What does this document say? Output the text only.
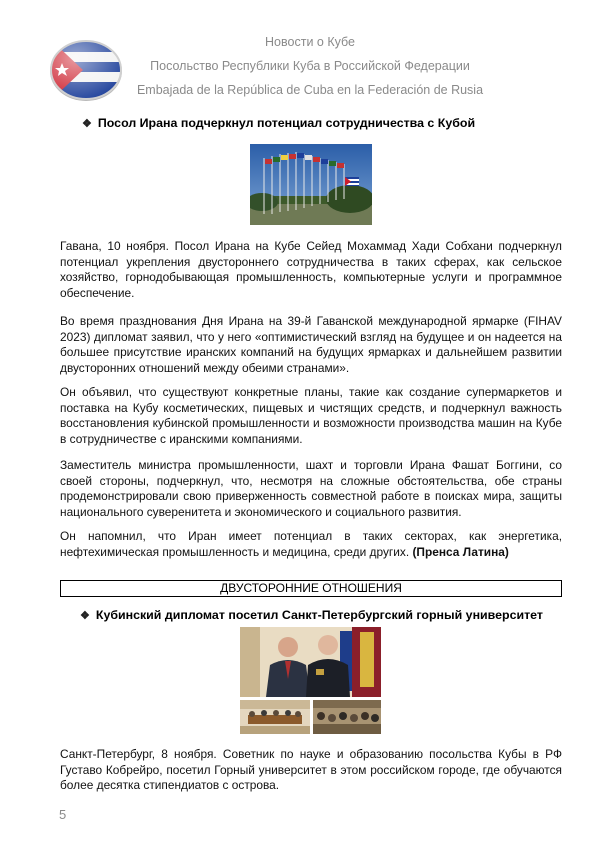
Новости о Кубе
Посольство Республики Куба в Российской Федерации
Embajada de la República de Cuba en la Federación de Rusia
❖ Посол Ирана подчеркнул потенциал сотрудничества с Кубой
Гавана, 10 ноября. Посол Ирана на Кубе Сейед Мохаммад Хади Собхани подчеркнул потенциал укрепления двустороннего сотрудничества в таких сферах, как сельское хозяйство, горнодобывающая промышленность, компьютерные услуги и программное обеспечение.
Во время празднования Дня Ирана на 39-й Гаванской международной ярмарке (FIHAV 2023) дипломат заявил, что у него «оптимистический взгляд на будущее и он надеется на большее присутствие иранских компаний на будущих ярмарках и дальнейшем развитии двусторонних отношений между обеими странами».
Он объявил, что существуют конкретные планы, такие как создание супермаркетов и поставка на Кубу косметических, пищевых и чистящих средств, и подчеркнул важность восстановления кубинской промышленности и возможности производства машин на Кубе в сотрудничестве с иранскими компаниями.
Заместитель министра промышленности, шахт и торговли Ирана Фашат Боггини, со своей стороны, подчеркнул, что, несмотря на сложные обстоятельства, обе страны продемонстрировали свою приверженность совместной работе в поисках мира, защиты национального суверенитета и экономического и социального развития.
Он напомнил, что Иран имеет потенциал в таких секторах, как энергетика, нефтехимическая промышленность и медицина, среди других. (Пренса Латина)
ДВУСТОРОННИЕ ОТНОШЕНИЯ
❖ Кубинский дипломат посетил Санкт-Петербургский горный университет
Санкт-Петербург, 8 ноября. Советник по науке и образованию посольства Кубы в РФ Густаво Кобрейро, посетил Горный университет в этом российском городе, где обучаются более десятка стипендиатов с острова.
5
